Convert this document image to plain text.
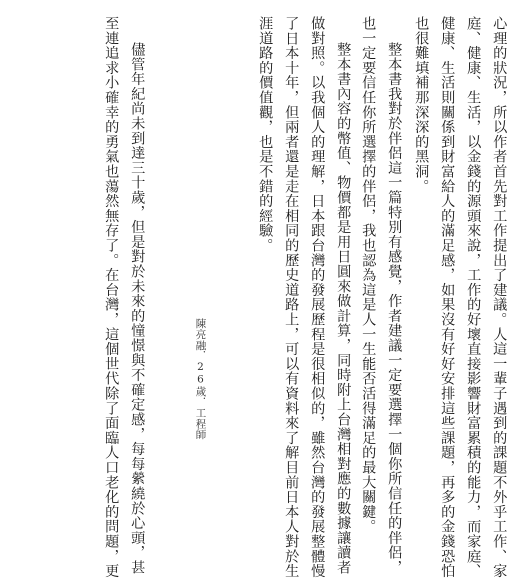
心理的狀況，所以作者首先對工作提出了建議。人這一輩子遇到的課題不外乎工作、家
庭、健康、生活，以金錢的源頭來說，工作的好壞直接影響財富累積的能力，而家庭、
健康、生活則關係到財富給人的滿足感，如果沒有好好安排這些課題，再多的金錢恐怕
也很難填補那深深的黑洞。
整本書我對於伴侶這一篇特別有感覺，作者建議一定要選擇一個你所信任的伴侶，
也一定要信任你所選擇的伴侶，我也認為這是人一生能否活得滿足的最大關鍵。
整本書內容的幣值、物價都是用日圓來做計算，同時附上台灣相對應的數據讓讀者
做對照。以我個人的理解，日本跟台灣的發展歷程是很相似的，雖然台灣的發展整體慢
了日本十年，但兩者還是走在相同的歷史道路上，可以有資料來了解目前日本人對於生
涯道路的價值觀，也是不錯的經驗。
陳亮融．26歲．工程師
儘管年紀尚未到達三十歲，但是對於未來的憧憬與不確定感，每每縈繞於心頭，甚
至連追求小確幸的勇氣也蕩然無存了。在台灣，這個世代除了面臨人口老化的問題，更
